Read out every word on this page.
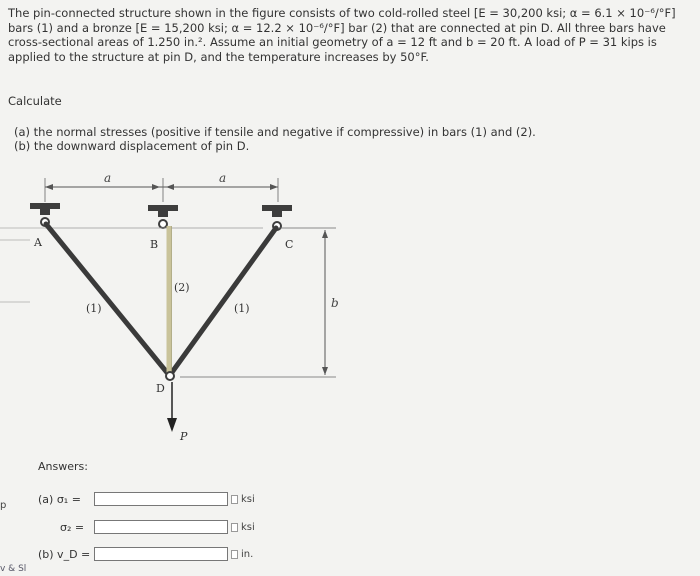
The pin-connected structure shown in the figure consists of two cold-rolled steel [E = 30,200 ksi; α = 6.1 × 10⁻⁶/°F] bars (1) and a bronze [E = 15,200 ksi; α = 12.2 × 10⁻⁶/°F] bar (2) that are connected at pin D. All three bars have cross-sectional areas of 1.250 in.². Assume an initial geometry of a = 12 ft and b = 20 ft. A load of P = 31 kips is applied to the structure at pin D, and the temperature increases by 50°F.
Calculate
(a) the normal stresses (positive if tensile and negative if compressive) in bars (1) and (2).
(b) the downward displacement of pin D.
a	a
b
A	B	C
D
P
(1)
(2)
(1)
Answers:
(a) σ₁ =	ksi
σ₂ =	ksi
(b) v_D =	in.
v & Sl
p
